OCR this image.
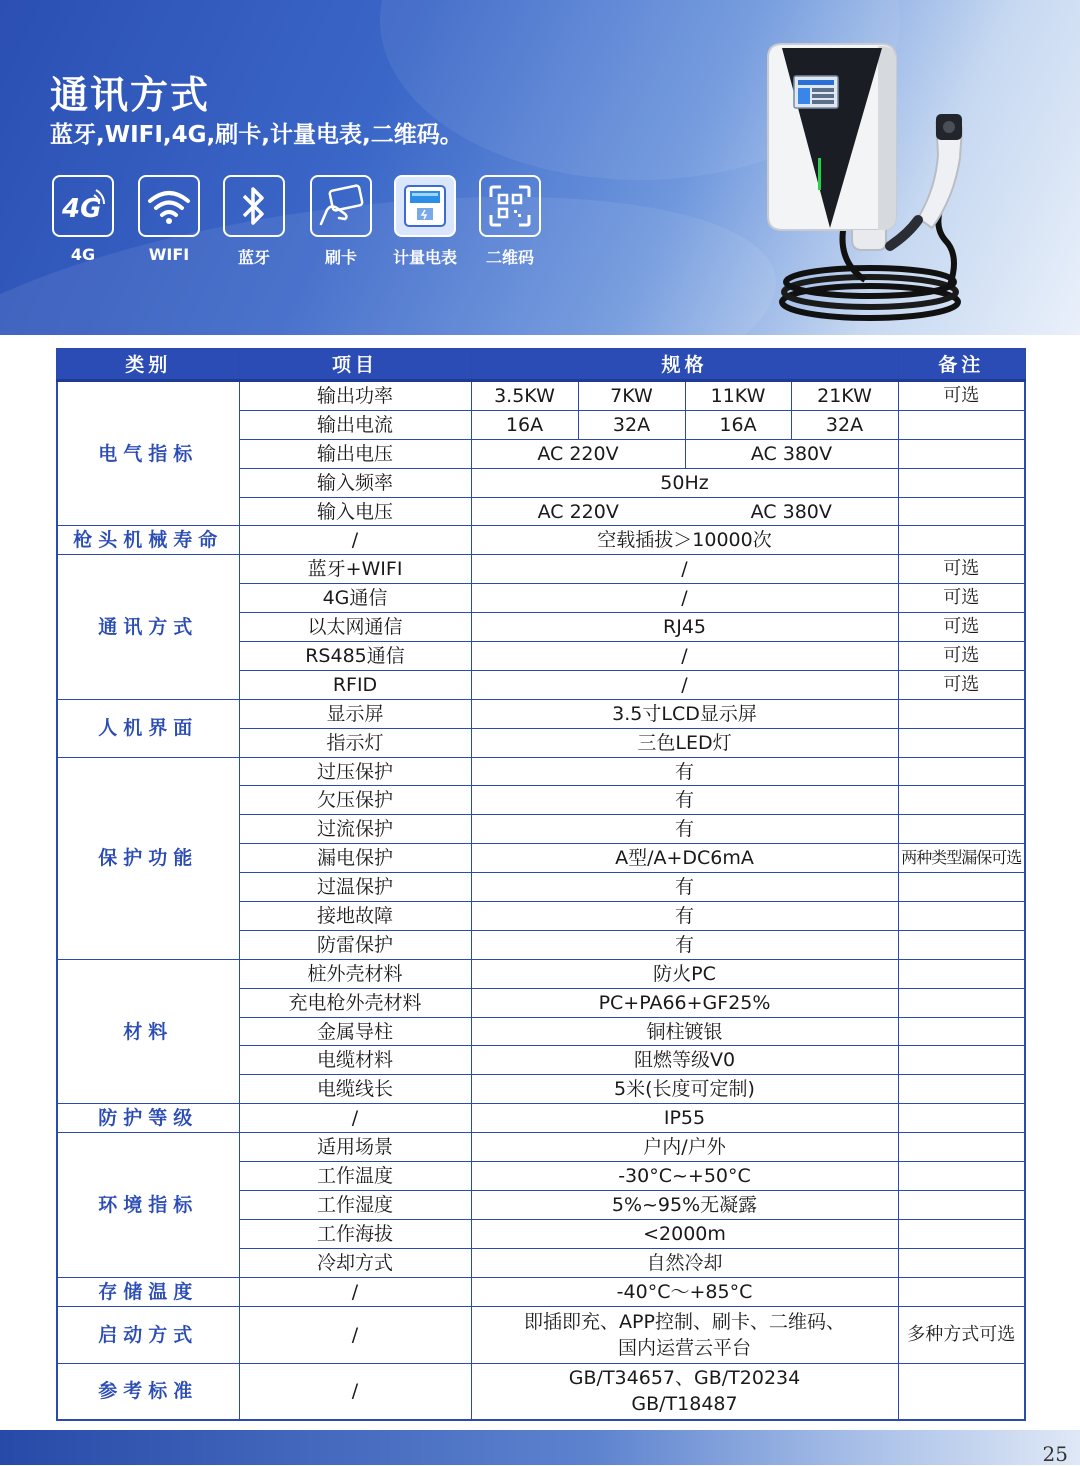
通讯方式
蓝牙,WIFI,4G,刷卡,计量电表,二维码。
4G
4G	WIFI	蓝牙	刷卡	计量电表	二维码
类别	项目	规格				备注
电气指标	输出功率	3.5KW	7KW	11KW	21KW	可选
	输出电流	16A	32A	16A	32A	
	输出电压	AC 220V		AC 380V		
	输入频率	50Hz				
	输入电压	AC 220V		AC 380V		
枪头机械寿命	/	空载插拔＞10000次				
通讯方式	蓝牙+WIFI	/				可选
	4G通信	/				可选
	以太网通信	RJ45				可选
	RS485通信	/				可选
	RFID	/				可选
人机界面	显示屏	3.5寸LCD显示屏				
	指示灯	三色LED灯				
保护功能	过压保护	有				
	欠压保护	有				
	过流保护	有				
	漏电保护	A型/A+DC6mA				两种类型漏保可选
	过温保护	有				
	接地故障	有				
	防雷保护	有				
材料	桩外壳材料	防火PC				
	充电枪外壳材料	PC+PA66+GF25%				
	金属导柱	铜柱镀银				
	电缆材料	阻燃等级V0				
	电缆线长	5米(长度可定制)				
防护等级	/	IP55				
环境指标	适用场景	户内/户外				
	工作温度	-30°C~+50°C				
	工作湿度	5%~95%无凝露				
	工作海拔	<2000m				
	冷却方式	自然冷却				
存储温度	/	-40°C～+85°C				
启动方式	/	即插即充、APP控制、刷卡、二维码、
国内运营云平台				多种方式可选
参考标准	/	GB/T34657、GB/T20234
GB/T18487				

25
